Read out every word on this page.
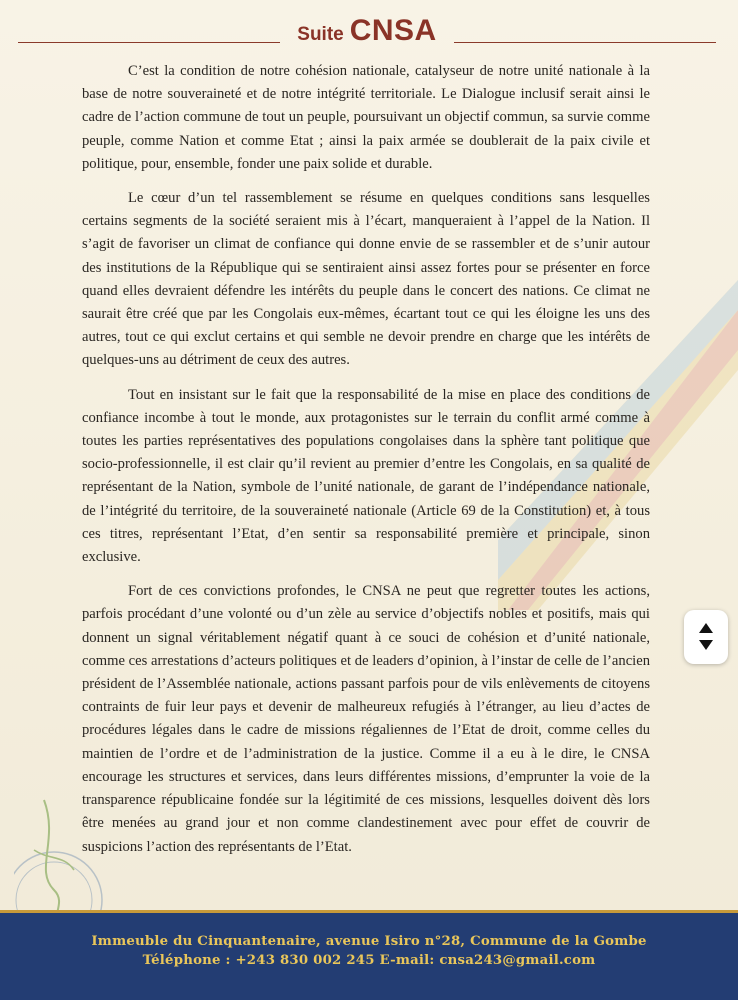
Suite CNSA

C’est la condition de notre cohésion nationale, catalyseur de notre unité nationale à la base de notre souveraineté et de notre intégrité territoriale. Le Dialogue inclusif serait ainsi le cadre de l’action commune de tout un peuple, poursuivant un objectif commun, sa survie comme peuple, comme Nation et comme Etat ; ainsi la paix armée se doublerait de la paix civile et politique, pour, ensemble, fonder une paix solide et durable.

Le cœur d’un tel rassemblement se résume en quelques conditions sans lesquelles certains segments de la société seraient mis à l’écart, manqueraient à l’appel de la Nation. Il s’agit de favoriser un climat de confiance qui donne envie de se rassembler et de s’unir autour des institutions de la République qui se sentiraient ainsi assez fortes pour se présenter en force quand elles devraient défendre les intérêts du peuple dans le concert des nations. Ce climat ne saurait être créé que par les Congolais eux-mêmes, écartant tout ce qui les éloigne les uns des autres, tout ce qui exclut certains et qui semble ne devoir prendre en charge que les intérêts de quelques-uns au détriment de ceux des autres.

Tout en insistant sur le fait que la responsabilité de la mise en place des conditions de confiance incombe à tout le monde, aux protagonistes sur le terrain du conflit armé comme à toutes les parties représentatives des populations congolaises dans la sphère tant politique que socio-professionnelle, il est clair qu’il revient au premier d’entre les Congolais, en sa qualité de représentant de la Nation, symbole de l’unité nationale, de garant de l’indépendance nationale, de l’intégrité du territoire, de la souveraineté nationale (Article 69 de la Constitution) et, à tous ces titres, représentant l’Etat, d’en sentir sa responsabilité première et principale, sinon exclusive.

Fort de ces convictions profondes, le CNSA ne peut que regretter toutes les actions, parfois procédant d’une volonté ou d’un zèle au service d’objectifs nobles et positifs, mais qui donnent un signal véritablement négatif quant à ce souci de cohésion et d’unité nationale, comme ces arrestations d’acteurs politiques et de leaders d’opinion, à l’instar de celle de l’ancien président de l’Assemblée nationale, actions passant parfois pour de vils enlèvements de citoyens contraints de fuir leur pays et devenir de malheureux refugiés à l’étranger, au lieu d’actes de procédures légales dans le cadre de missions régaliennes de l’Etat de droit, comme celles du maintien de l’ordre et de l’administration de la justice. Comme il a eu à le dire, le CNSA encourage les structures et services, dans leurs différentes missions, d’emprunter la voie de la transparence républicaine fondée sur la légitimité de ces missions, lesquelles doivent dès lors être menées au grand jour et non comme clandestinement avec pour effet de couvrir de suspicions l’action des représentants de l’Etat.

Immeuble du Cinquantenaire, avenue Isiro n°28, Commune de la Gombe
Téléphone : +243 830 002 245 E-mail: cnsa243@gmail.com
